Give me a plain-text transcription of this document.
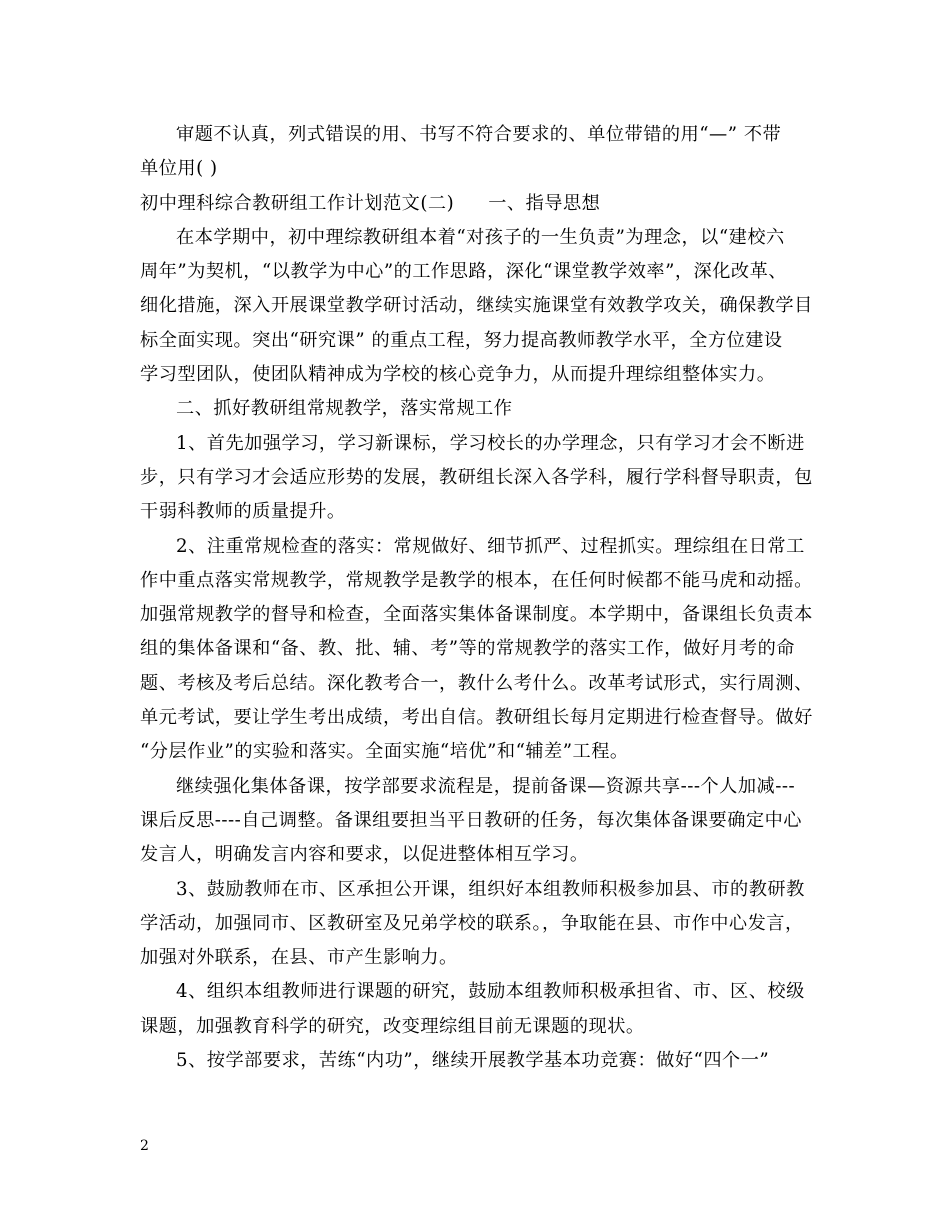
审题不认真，列式错误的用、书写不符合要求的、单位带错的用“—” 不带
单位用( )
初中理科综合教研组工作计划范文(二) 一、指导思想
在本学期中，初中理综教研组本着“对孩子的一生负责”为理念，以“建校六
周年”为契机，“以教学为中心”的工作思路，深化“课堂教学效率”，深化改革、
细化措施，深入开展课堂教学研讨活动，继续实施课堂有效教学攻关，确保教学目
标全面实现。突出“研究课” 的重点工程，努力提高教师教学水平，全方位建设
学习型团队，使团队精神成为学校的核心竞争力，从而提升理综组整体实力。
二、抓好教研组常规教学，落实常规工作
1、首先加强学习，学习新课标，学习校长的办学理念，只有学习才会不断进
步，只有学习才会适应形势的发展，教研组长深入各学科，履行学科督导职责，包
干弱科教师的质量提升。
2、注重常规检查的落实：常规做好、细节抓严、过程抓实。理综组在日常工
作中重点落实常规教学，常规教学是教学的根本，在任何时候都不能马虎和动摇。
加强常规教学的督导和检查，全面落实集体备课制度。本学期中，备课组长负责本
组的集体备课和“备、教、批、辅、考”等的常规教学的落实工作，做好月考的命
题、考核及考后总结。深化教考合一，教什么考什么。改革考试形式，实行周测、
单元考试，要让学生考出成绩，考出自信。教研组长每月定期进行检查督导。做好
“分层作业”的实验和落实。全面实施“培优”和“辅差”工程。
继续强化集体备课，按学部要求流程是，提前备课—资源共享---个人加减---
课后反思----自己调整。备课组要担当平日教研的任务，每次集体备课要确定中心
发言人，明确发言内容和要求，以促进整体相互学习。
3、鼓励教师在市、区承担公开课，组织好本组教师积极参加县、市的教研教
学活动，加强同市、区教研室及兄弟学校的联系。，争取能在县、市作中心发言，
加强对外联系，在县、市产生影响力。
4、组织本组教师进行课题的研究，鼓励本组教师积极承担省、市、区、校级
课题，加强教育科学的研究，改变理综组目前无课题的现状。
5、按学部要求，苦练“内功”，继续开展教学基本功竞赛：做好“四个一”
2
